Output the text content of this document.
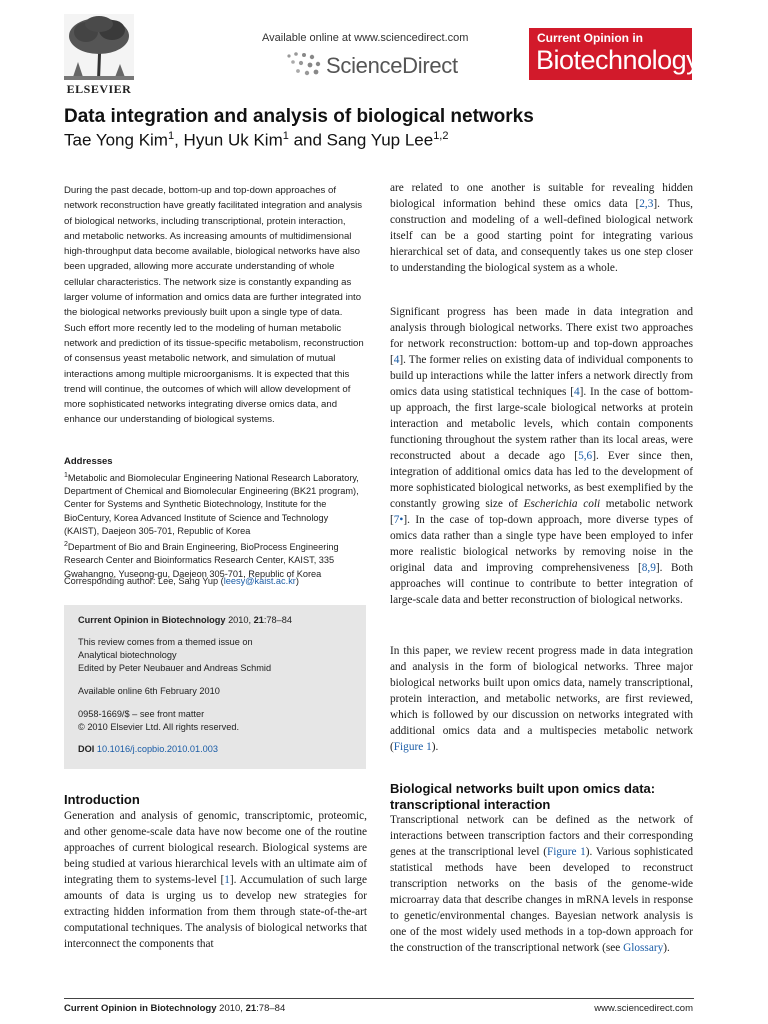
ELSEVIER
Available online at www.sciencedirect.com
ScienceDirect
Current Opinion in
Biotechnology
Data integration and analysis of biological networks
Tae Yong Kim$^1$, Hyun Uk Kim$^1$ and Sang Yup Lee$^{1,2}$
During the past decade, bottom-up and top-down approaches of network reconstruction have greatly facilitated integration and analysis of biological networks, including transcriptional, protein interaction, and metabolic networks. As increasing amounts of multidimensional high-throughput data become available, biological networks have also been upgraded, allowing more accurate understanding of whole cellular characteristics. The network size is constantly expanding as larger volume of information and omics data are further integrated into the biological networks previously built upon a single type of data. Such effort more recently led to the modeling of human metabolic network and prediction of its tissue-specific metabolism, reconstruction of consensus yeast metabolic network, and simulation of mutual interactions among multiple microorganisms. It is expected that this trend will continue, the outcomes of which will allow development of more sophisticated networks integrating diverse omics data, and enhance our understanding of biological systems.
Addresses
$^1$Metabolic and Biomolecular Engineering National Research Laboratory, Department of Chemical and Biomolecular Engineering (BK21 program), Center for Systems and Synthetic Biotechnology, Institute for the BioCentury, Korea Advanced Institute of Science and Technology (KAIST), Daejeon 305-701, Republic of Korea
$^2$Department of Bio and Brain Engineering, BioProcess Engineering Research Center and Bioinformatics Research Center, KAIST, 335 Gwahangno, Yuseong-gu, Daejeon 305-701, Republic of Korea
Corresponding author: Lee, Sang Yup (leesy@kaist.ac.kr)
Current Opinion in Biotechnology 2010, 21:78–84
This review comes from a themed issue on
Analytical biotechnology
Edited by Peter Neubauer and Andreas Schmid
Available online 6th February 2010
0958-1669/$ – see front matter
© 2010 Elsevier Ltd. All rights reserved.
DOI 10.1016/j.copbio.2010.01.003
Introduction
Generation and analysis of genomic, transcriptomic, proteomic, and other genome-scale data have now become one of the routine approaches of current biological research. Biological systems are being studied at various hierarchical levels with an ultimate aim of integrating them to systems-level [1]. Accumulation of such large amounts of data is urging us to develop new strategies for extracting hidden information from them through state-of-the-art computational techniques. The analysis of biological networks that interconnect the components that
are related to one another is suitable for revealing hidden biological information behind these omics data [2,3]. Thus, construction and modeling of a well-defined biological network itself can be a good starting point for integrating various hierarchical set of data, and consequently takes us one step closer to understanding the biological system as a whole.
Significant progress has been made in data integration and analysis through biological networks. There exist two approaches for network reconstruction: bottom-up and top-down approaches [4]. The former relies on existing data of individual components to build up interactions while the latter infers a network directly from omics data using statistical techniques [4]. In the case of bottom-up approach, the first large-scale biological networks at protein interaction and metabolic levels, which contain components functioning throughout the system rather than its local areas, were reconstructed about a decade ago [5,6]. Ever since then, integration of additional omics data has led to the development of more sophisticated biological networks, as best exemplified by the constantly growing size of Escherichia coli metabolic network [7•]. In the case of top-down approach, more diverse types of omics data rather than a single type have been employed to infer more realistic biological networks by removing noise in the original data and improving comprehensiveness [8,9]. Both approaches will continue to contribute to better integration of large-scale data and better reconstruction of biological networks.
In this paper, we review recent progress made in data integration and analysis in the form of biological networks. Three major biological networks built upon omics data, namely transcriptional, protein interaction, and metabolic networks, are first reviewed, which is followed by our discussion on networks integrated with additional omics data and a multispecies metabolic network (Figure 1).
Biological networks built upon omics data: transcriptional interaction
Transcriptional network can be defined as the network of interactions between transcription factors and their corresponding genes at the transcriptional level (Figure 1). Various sophisticated statistical methods have been developed to reconstruct transcription networks on the basis of the genome-wide microarray data that describe changes in mRNA levels in response to genetic/environmental changes. Bayesian network analysis is one of the most widely used methods in a top-down approach for the construction of the transcriptional network (see Glossary).
Current Opinion in Biotechnology 2010, 21:78–84	www.sciencedirect.com
